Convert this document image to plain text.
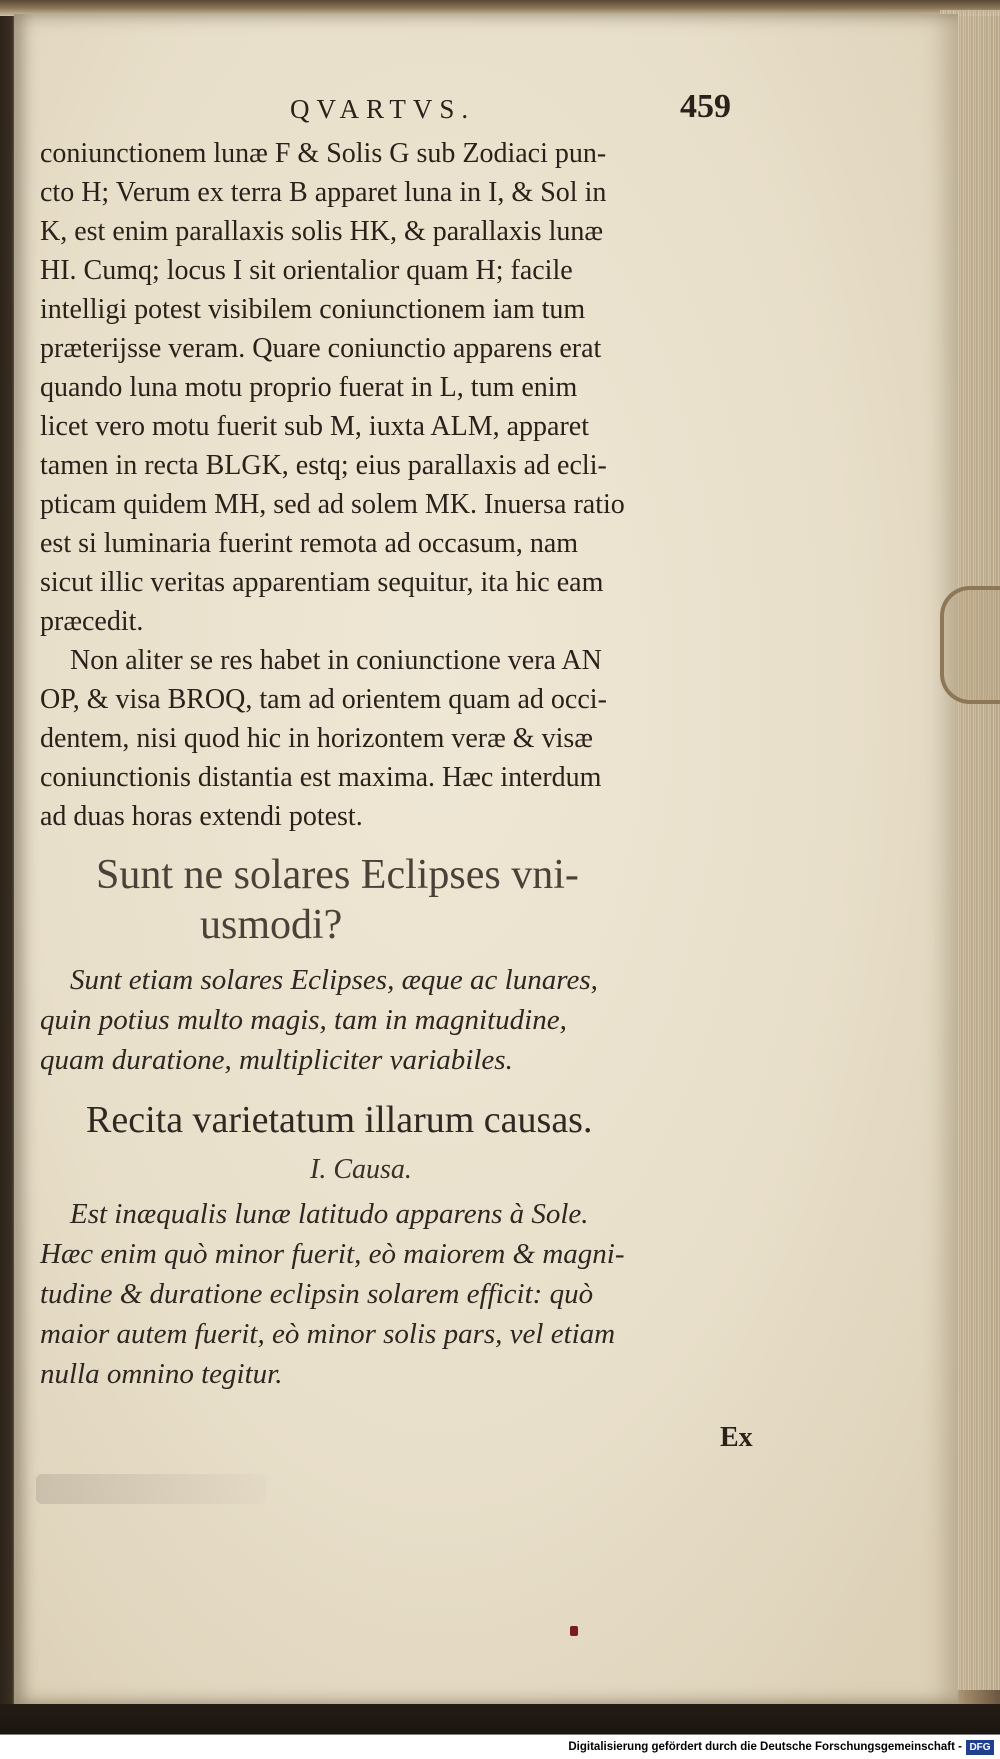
QVARTVS.	459
coniunctionem lunæ F & Solis G sub Zodiaci pun-
cto H; Verum ex terra B apparet luna in I, & Sol in
K, est enim parallaxis solis HK, & parallaxis lunæ
HI. Cumq; locus I sit orientalior quam H; facile
intelligi potest visibilem coniunctionem iam tum
præterijsse veram. Quare coniunctio apparens erat
quando luna motu proprio fuerat in L, tum enim
licet vero motu fuerit sub M, iuxta ALM, apparet
tamen in recta BLGK, estq; eius parallaxis ad ecli-
pticam quidem MH, sed ad solem MK. Inuersa ratio
est si luminaria fuerint remota ad occasum, nam
sicut illic veritas apparentiam sequitur, ita hic eam
præcedit.
Non aliter se res habet in coniunctione vera AN
OP, & visa BROQ, tam ad orientem quam ad occi-
dentem, nisi quod hic in horizontem veræ & visæ
coniunctionis distantia est maxima. Hæc interdum
ad duas horas extendi potest.
Sunt ne solares Eclipses vni-
usmodi?
Sunt etiam solares Eclipses, æque ac lunares,
quin potius multo magis, tam in magnitudine,
quam duratione, multipliciter variabiles.
Recita varietatum illarum causas.
I. Causa.
Est inæqualis lunæ latitudo apparens à Sole.
Hæc enim quò minor fuerit, eò maiorem & magni-
tudine & duratione eclipsin solarem efficit: quò
maior autem fuerit, eò minor solis pars, vel etiam
nulla omnino tegitur.
Ex
Digitalisierung gefördert durch die Deutsche Forschungsgemeinschaft - DFG
